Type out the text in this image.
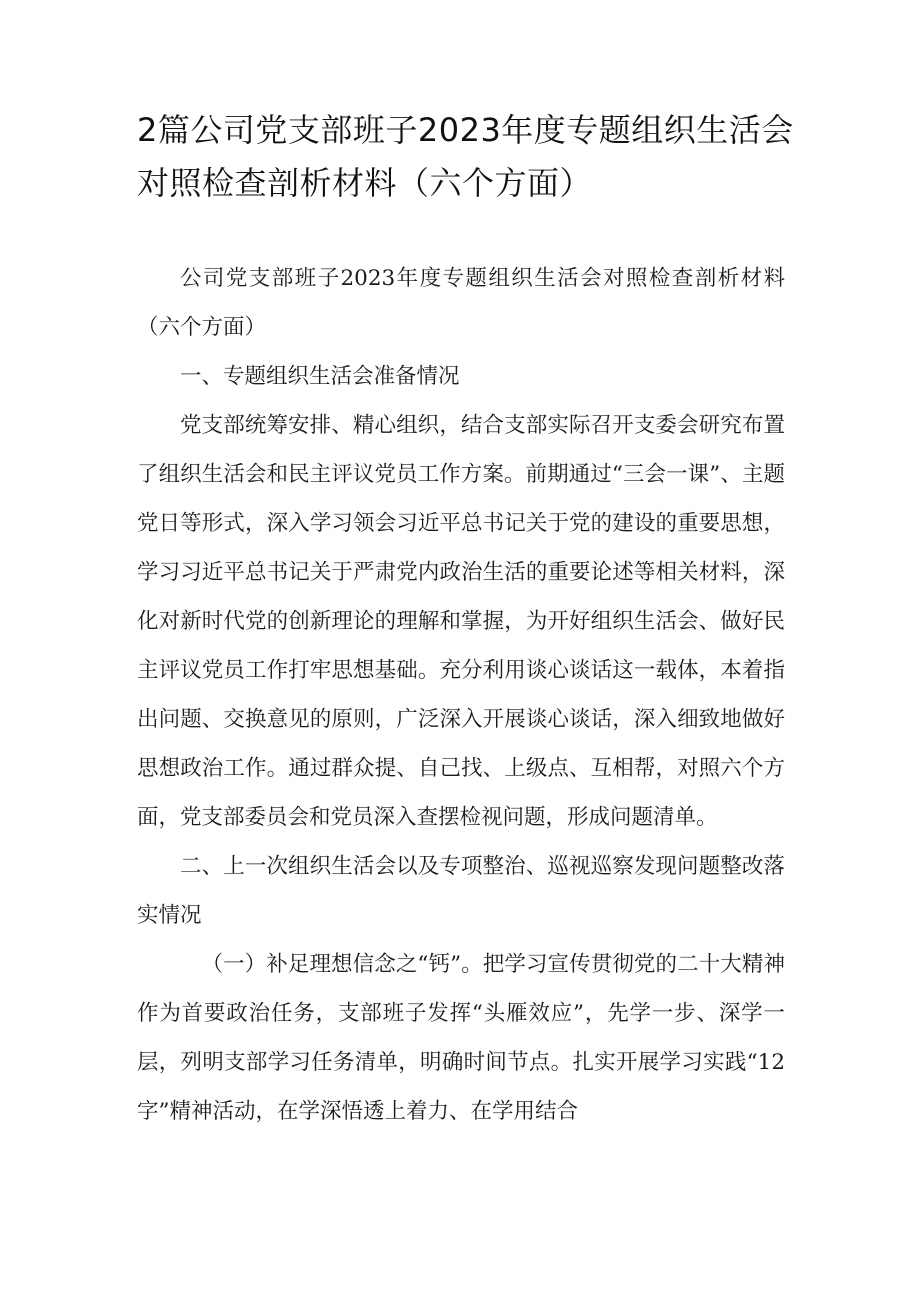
2篇公司党支部班子2023年度专题组织生活会对照检查剖析材料（六个方面）

公司党支部班子2023年度专题组织生活会对照检查剖析材料（六个方面）

一、专题组织生活会准备情况

党支部统筹安排、精心组织，结合支部实际召开支委会研究布置了组织生活会和民主评议党员工作方案。前期通过“三会一课”、主题党日等形式，深入学习领会习近平总书记关于党的建设的重要思想，学习习近平总书记关于严肃党内政治生活的重要论述等相关材料，深化对新时代党的创新理论的理解和掌握，为开好组织生活会、做好民主评议党员工作打牢思想基础。充分利用谈心谈话这一载体，本着指出问题、交换意见的原则，广泛深入开展谈心谈话，深入细致地做好思想政治工作。通过群众提、自己找、上级点、互相帮，对照六个方面，党支部委员会和党员深入查摆检视问题，形成问题清单。

二、上一次组织生活会以及专项整治、巡视巡察发现问题整改落实情况

（一）补足理想信念之“钙”。把学习宣传贯彻党的二十大精神作为首要政治任务，支部班子发挥“头雁效应”，先学一步、深学一层，列明支部学习任务清单，明确时间节点。扎实开展学习实践“12字”精神活动，在学深悟透上着力、在学用结合
